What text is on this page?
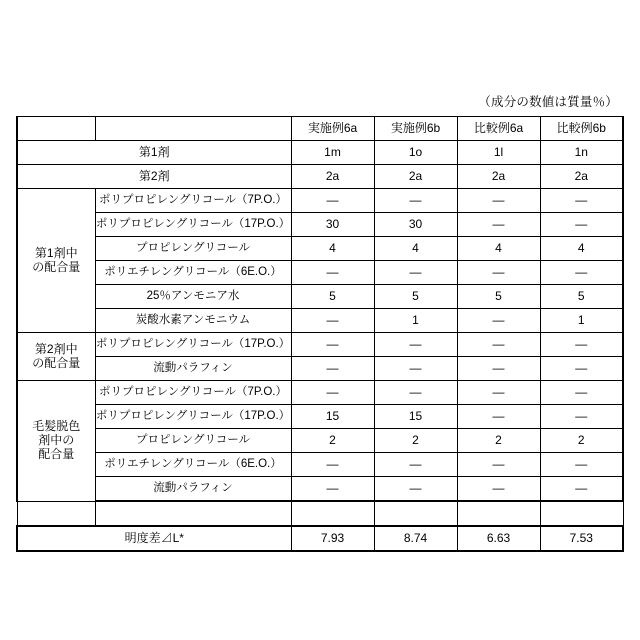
（成分の数値は質量％）
		実施例6a	実施例6b	比較例6a	比較例6b
第1剤		1m	1o	1l	1n
第2剤		2a	2a	2a	2a

第1剤中
の配合量	ポリプロピレングリコール（7P.O.）	—	—	—	—
	ポリプロピレングリコール（17P.O.）	30	30	—	—
	プロピレングリコール	4	4	4	4
	ポリエチレングリコール（6E.O.）	—	—	—	—
	25％アンモニア水	5	5	5	5
	炭酸水素アンモニウム	—	1	—	1

第2剤中
の配合量	ポリプロピレングリコール（17P.O.）	—	—	—	—
	流動パラフィン	—	—	—	—

毛髪脱色
剤中の
配合量	ポリプロピレングリコール（7P.O.）	—	—	—	—
	ポリプロピレングリコール（17P.O.）	15	15	—	—
	プロピレングリコール	2	2	2	2
	ポリエチレングリコール（6E.O.）	—	—	—	—
	流動パラフィン	—	—	—	—

明度差⊿L*		7.93	8.74	6.63	7.53
